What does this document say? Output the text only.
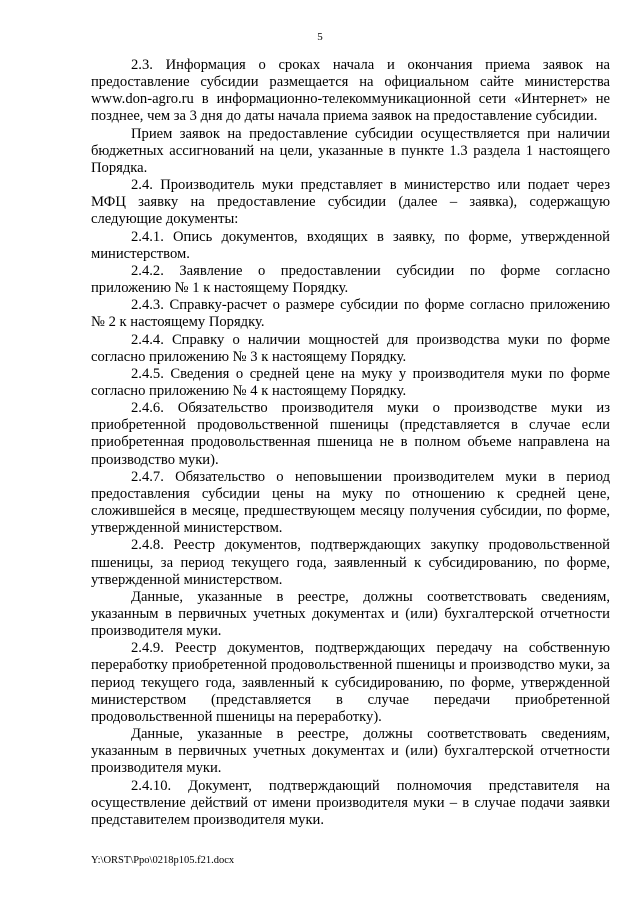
5

2.3. Информация о сроках начала и окончания приема заявок на предоставление субсидии размещается на официальном сайте министерства www.don-agro.ru в информационно-телекоммуникационной сети «Интернет» не позднее, чем за 3 дня до даты начала приема заявок на предоставление субсидии.

Прием заявок на предоставление субсидии осуществляется при наличии бюджетных ассигнований на цели, указанные в пункте 1.3 раздела 1 настоящего Порядка.

2.4. Производитель муки представляет в министерство или подает через МФЦ заявку на предоставление субсидии (далее – заявка), содержащую следующие документы:

2.4.1. Опись документов, входящих в заявку, по форме, утвержденной министерством.

2.4.2. Заявление о предоставлении субсидии по форме согласно приложению № 1 к настоящему Порядку.

2.4.3. Справку-расчет о размере субсидии по форме согласно приложению № 2 к настоящему Порядку.

2.4.4. Справку о наличии мощностей для производства муки по форме согласно приложению № 3 к настоящему Порядку.

2.4.5. Сведения о средней цене на муку у производителя муки по форме согласно приложению № 4 к настоящему Порядку.

2.4.6. Обязательство производителя муки о производстве муки из приобретенной продовольственной пшеницы (представляется в случае если приобретенная продовольственная пшеница не в полном объеме направлена на производство муки).

2.4.7. Обязательство о неповышении производителем муки в период предоставления субсидии цены на муку по отношению к средней цене, сложившейся в месяце, предшествующем месяцу получения субсидии, по форме, утвержденной министерством.

2.4.8. Реестр документов, подтверждающих закупку продовольственной пшеницы, за период текущего года, заявленный к субсидированию, по форме, утвержденной министерством.

Данные, указанные в реестре, должны соответствовать сведениям, указанным в первичных учетных документах и (или) бухгалтерской отчетности производителя муки.

2.4.9. Реестр документов, подтверждающих передачу на собственную переработку приобретенной продовольственной пшеницы и производство муки, за период текущего года, заявленный к субсидированию, по форме, утвержденной министерством (представляется в случае передачи приобретенной продовольственной пшеницы на переработку).

Данные, указанные в реестре, должны соответствовать сведениям, указанным в первичных учетных документах и (или) бухгалтерской отчетности производителя муки.

2.4.10. Документ, подтверждающий полномочия представителя на осуществление действий от имени производителя муки – в случае подачи заявки представителем производителя муки.

Y:\ORST\Ppo\0218p105.f21.docx
